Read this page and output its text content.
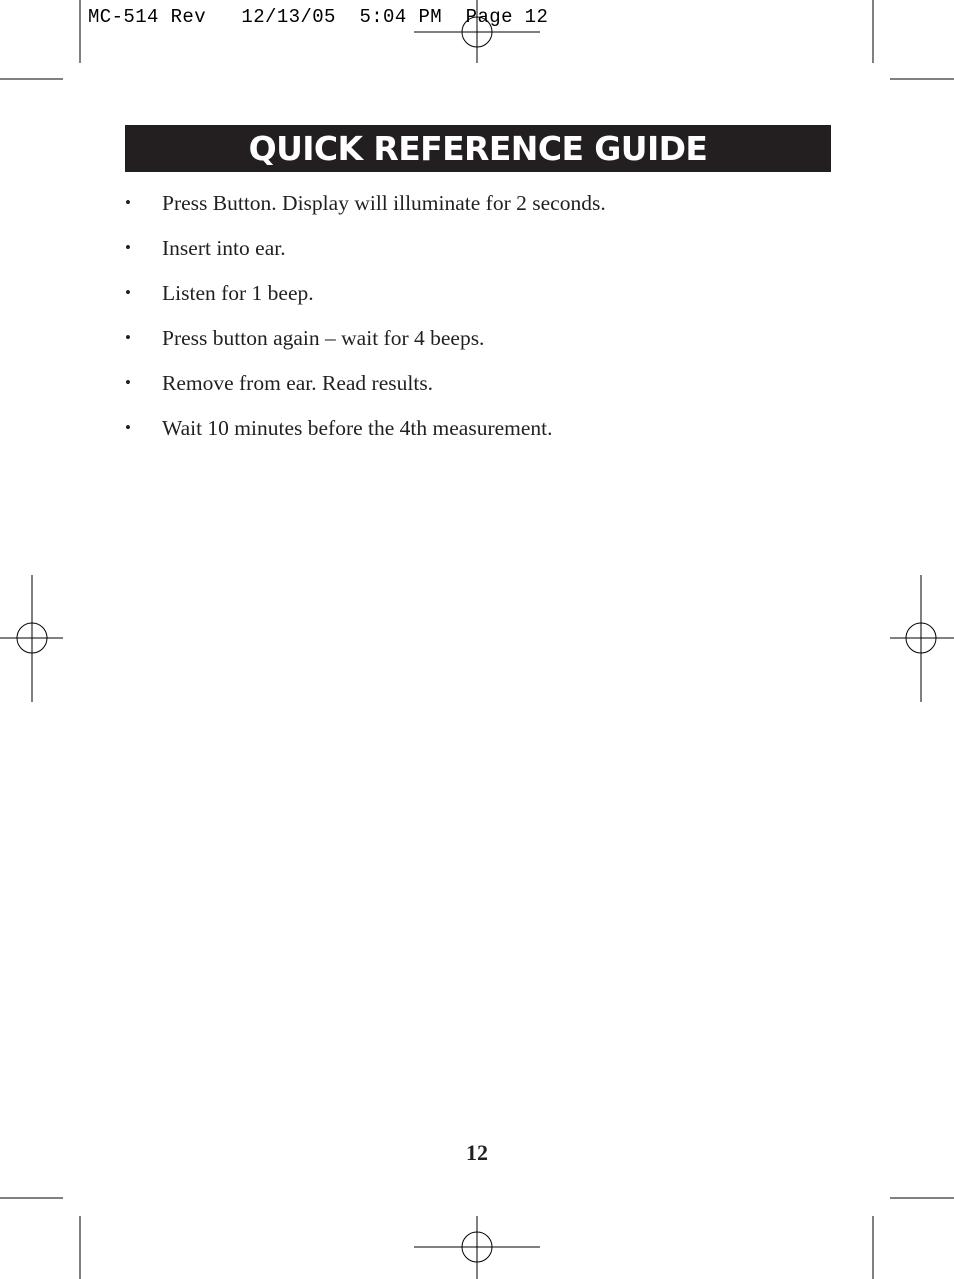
MC-514 Rev   12/13/05  5:04 PM  Page 12
QUICK REFERENCE GUIDE
• Press Button. Display will illuminate for 2 seconds.
• Insert into ear.
• Listen for 1 beep.
• Press button again – wait for 4 beeps.
• Remove from ear. Read results.
• Wait 10 minutes before the 4th measurement.
12
